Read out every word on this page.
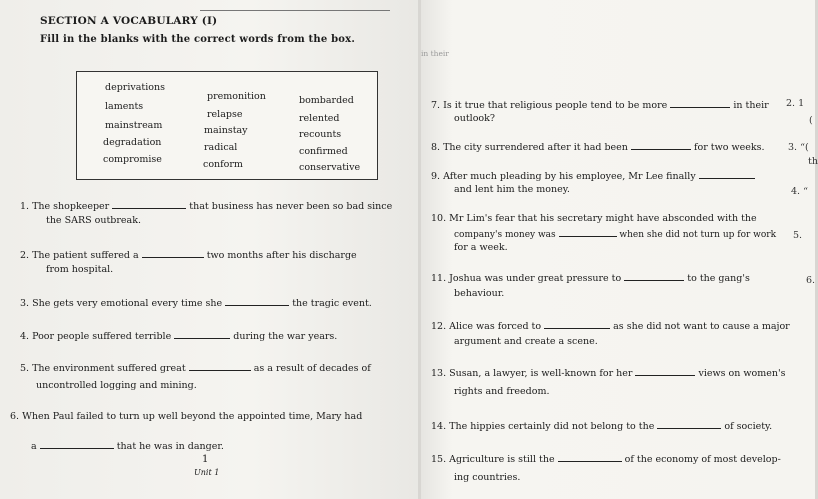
SECTION A VOCABULARY (I)
Fill in the blanks with the correct words from the box.
deprivations
premonition	bombarded
laments
relapse	relented
mainstream	mainstay	recounts
degradation	radical	confirmed
compromise	conform	conservative
1. The shopkeeper	that business has never been so bad since
the SARS outbreak.
2. The patient suffered a	two months after his discharge
from hospital.
3. She gets very emotional every time she	the tragic event.
4. Poor people suffered terrible	during the war years.
5. The environment suffered great	as a result of decades of
uncontrolled logging and mining.
6. When Paul failed to turn up well beyond the appointed time, Mary had
a	that he was in danger.
1
Unit 1
in their
7. Is it true that religious people tend to be more	in their
outlook?
8. The city surrendered after it had been	for two weeks.
9. After much pleading by his employee, Mr Lee finally
and lent him the money.
10. Mr Lim's fear that his secretary might have absconded with the
company's money was	when she did not turn up for work
for a week.
11. Joshua was under great pressure to	to the gang's
behaviour.
12. Alice was forced to	as she did not want to cause a major
argument and create a scene.
13. Susan, a lawyer, is well-known for her	views on women's
rights and freedom.
14. The hippies certainly did not belong to the	of society.
15. Agriculture is still the	of the economy of most develop-
ing countries.
2. 1
(
3. “(
th
4. “
5.
6.
